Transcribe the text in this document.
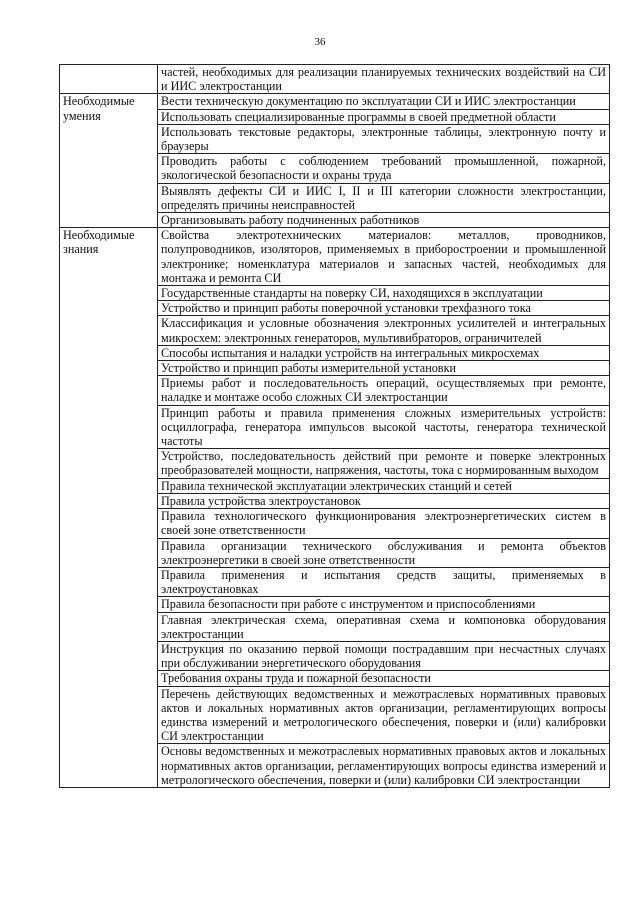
36
	частей, необходимых для реализации планируемых технических воздействий на СИ и ИИС электростанции
Необходимые умения	Вести техническую документацию по эксплуатации СИ и ИИС электростанции
	Использовать специализированные программы в своей предметной области
	Использовать текстовые редакторы, электронные таблицы, электронную почту и браузеры
	Проводить работы с соблюдением требований промышленной, пожарной, экологической безопасности и охраны труда
	Выявлять дефекты СИ и ИИС I, II и III категории сложности электростанции, определять причины неисправностей
	Организовывать работу подчиненных работников
Необходимые знания	Свойства электротехнических материалов: металлов, проводников, полупроводников, изоляторов, применяемых в приборостроении и промышленной электронике; номенклатура материалов и запасных частей, необходимых для монтажа и ремонта СИ
	Государственные стандарты на поверку СИ, находящихся в эксплуатации
	Устройство и принцип работы поверочной установки трехфазного тока
	Классификация и условные обозначения электронных усилителей и интегральных микросхем: электронных генераторов, мультивибраторов, ограничителей
	Способы испытания и наладки устройств на интегральных микросхемах
	Устройство и принцип работы измерительной установки
	Приемы работ и последовательность операций, осуществляемых при ремонте, наладке и монтаже особо сложных СИ электростанции
	Принцип работы и правила применения сложных измерительных устройств: осциллографа, генератора импульсов высокой частоты, генератора технической частоты
	Устройство, последовательность действий при ремонте и поверке электронных преобразователей мощности, напряжения, частоты, тока с нормированным выходом
	Правила технической эксплуатации электрических станций и сетей
	Правила устройства электроустановок
	Правила технологического функционирования электроэнергетических систем в своей зоне ответственности
	Правила организации технического обслуживания и ремонта объектов электроэнергетики в своей зоне ответственности
	Правила применения и испытания средств защиты, применяемых в электроустановках
	Правила безопасности при работе с инструментом и приспособлениями
	Главная электрическая схема, оперативная схема и компоновка оборудования электростанции
	Инструкция по оказанию первой помощи пострадавшим при несчастных случаях при обслуживании энергетического оборудования
	Требования охраны труда и пожарной безопасности
	Перечень действующих ведомственных и межотраслевых нормативных правовых актов и локальных нормативных актов организации, регламентирующих вопросы единства измерений и метрологического обеспечения, поверки и (или) калибровки СИ электростанции
	Основы ведомственных и межотраслевых нормативных правовых актов и локальных нормативных актов организации, регламентирующих вопросы единства измерений и метрологического обеспечения, поверки и (или) калибровки СИ электростанции
